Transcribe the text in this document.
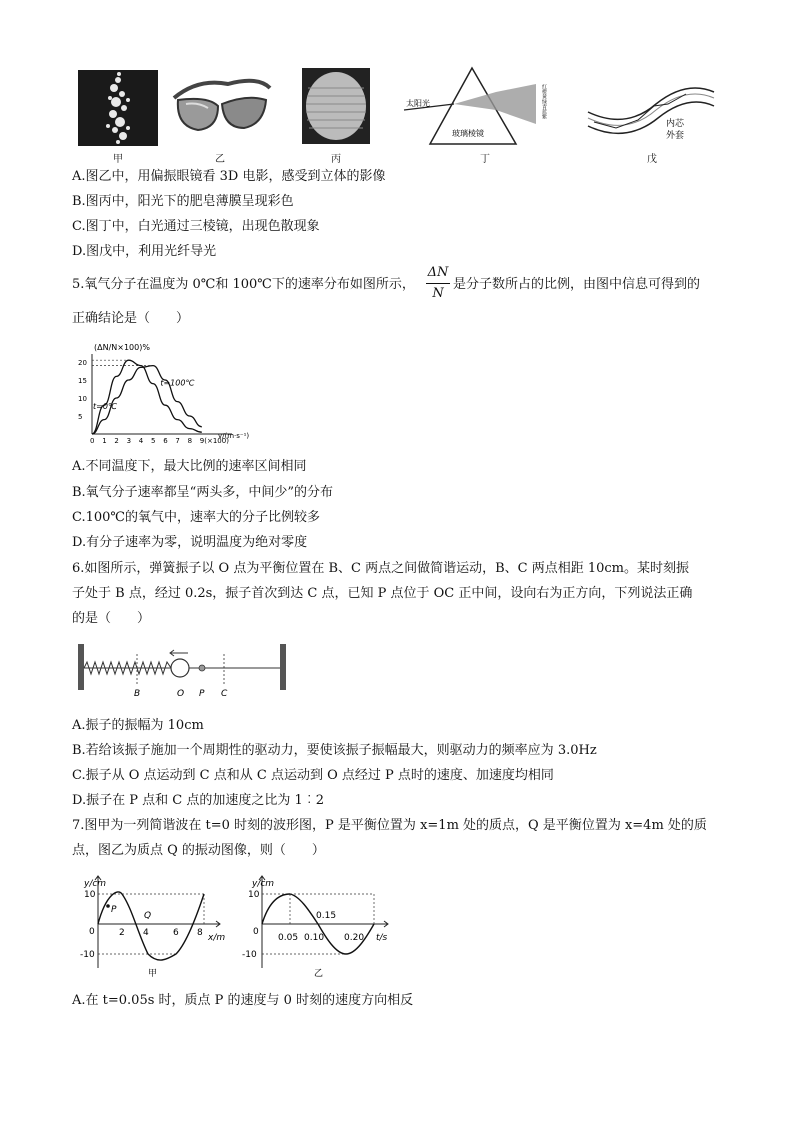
太阳光
玻璃棱镜
红橙黄绿青蓝紫
内芯
外套
甲	乙	丙	丁	戊
A.图乙中，用偏振眼镜看 3D 电影，感受到立体的影像
B.图丙中，阳光下的肥皂薄膜呈现彩色
C.图丁中，白光通过三棱镜，出现色散现象
D.图戊中，利用光纤导光
5.氧气分子在温度为 0℃和 100℃下的速率分布如图所示，
ΔN
N
是分子数所占的比例，由图中信息可得到的
正确结论是（　　）
(ΔN/N×100)%
v/(m·s⁻¹)
0 1 2 3 4 5 6 7 8 9(×100)
20
15
10
5
t=0℃
t=100℃
A.不同温度下，最大比例的速率区间相同
B.氧气分子速率都呈“两头多，中间少”的分布
C.100℃的氧气中，速率大的分子比例较多
D.有分子速率为零，说明温度为绝对零度
6.如图所示，弹簧振子以 O 点为平衡位置在 B、C 两点之间做简谐运动，B、C 两点相距 10cm。某时刻振
子处于 B 点，经过 0.2s，振子首次到达 C 点，已知 P 点位于 OC 正中间，设向右为正方向，下列说法正确
的是（　　）
B	O P C
A.振子的振幅为 10cm
B.若给该振子施加一个周期性的驱动力，要使该振子振幅最大，则驱动力的频率应为 3.0Hz
C.振子从 O 点运动到 C 点和从 C 点运动到 O 点经过 P 点时的速度、加速度均相同
D.振子在 P 点和 C 点的加速度之比为 1︰2
7.图甲为一列简谐波在 t=0 时刻的波形图，P 是平衡位置为 x=1m 处的质点，Q 是平衡位置为 x=4m 处的质
点，图乙为质点 Q 的振动图像，则（　　）
y/cm
x/m
10
-10
0	2 4	6 8
P
Q
甲
y/cm
t/s
10
-10
0
0.05 0.10
0.15
0.20
乙
A.在 t=0.05s 时，质点 P 的速度与 0 时刻的速度方向相反
